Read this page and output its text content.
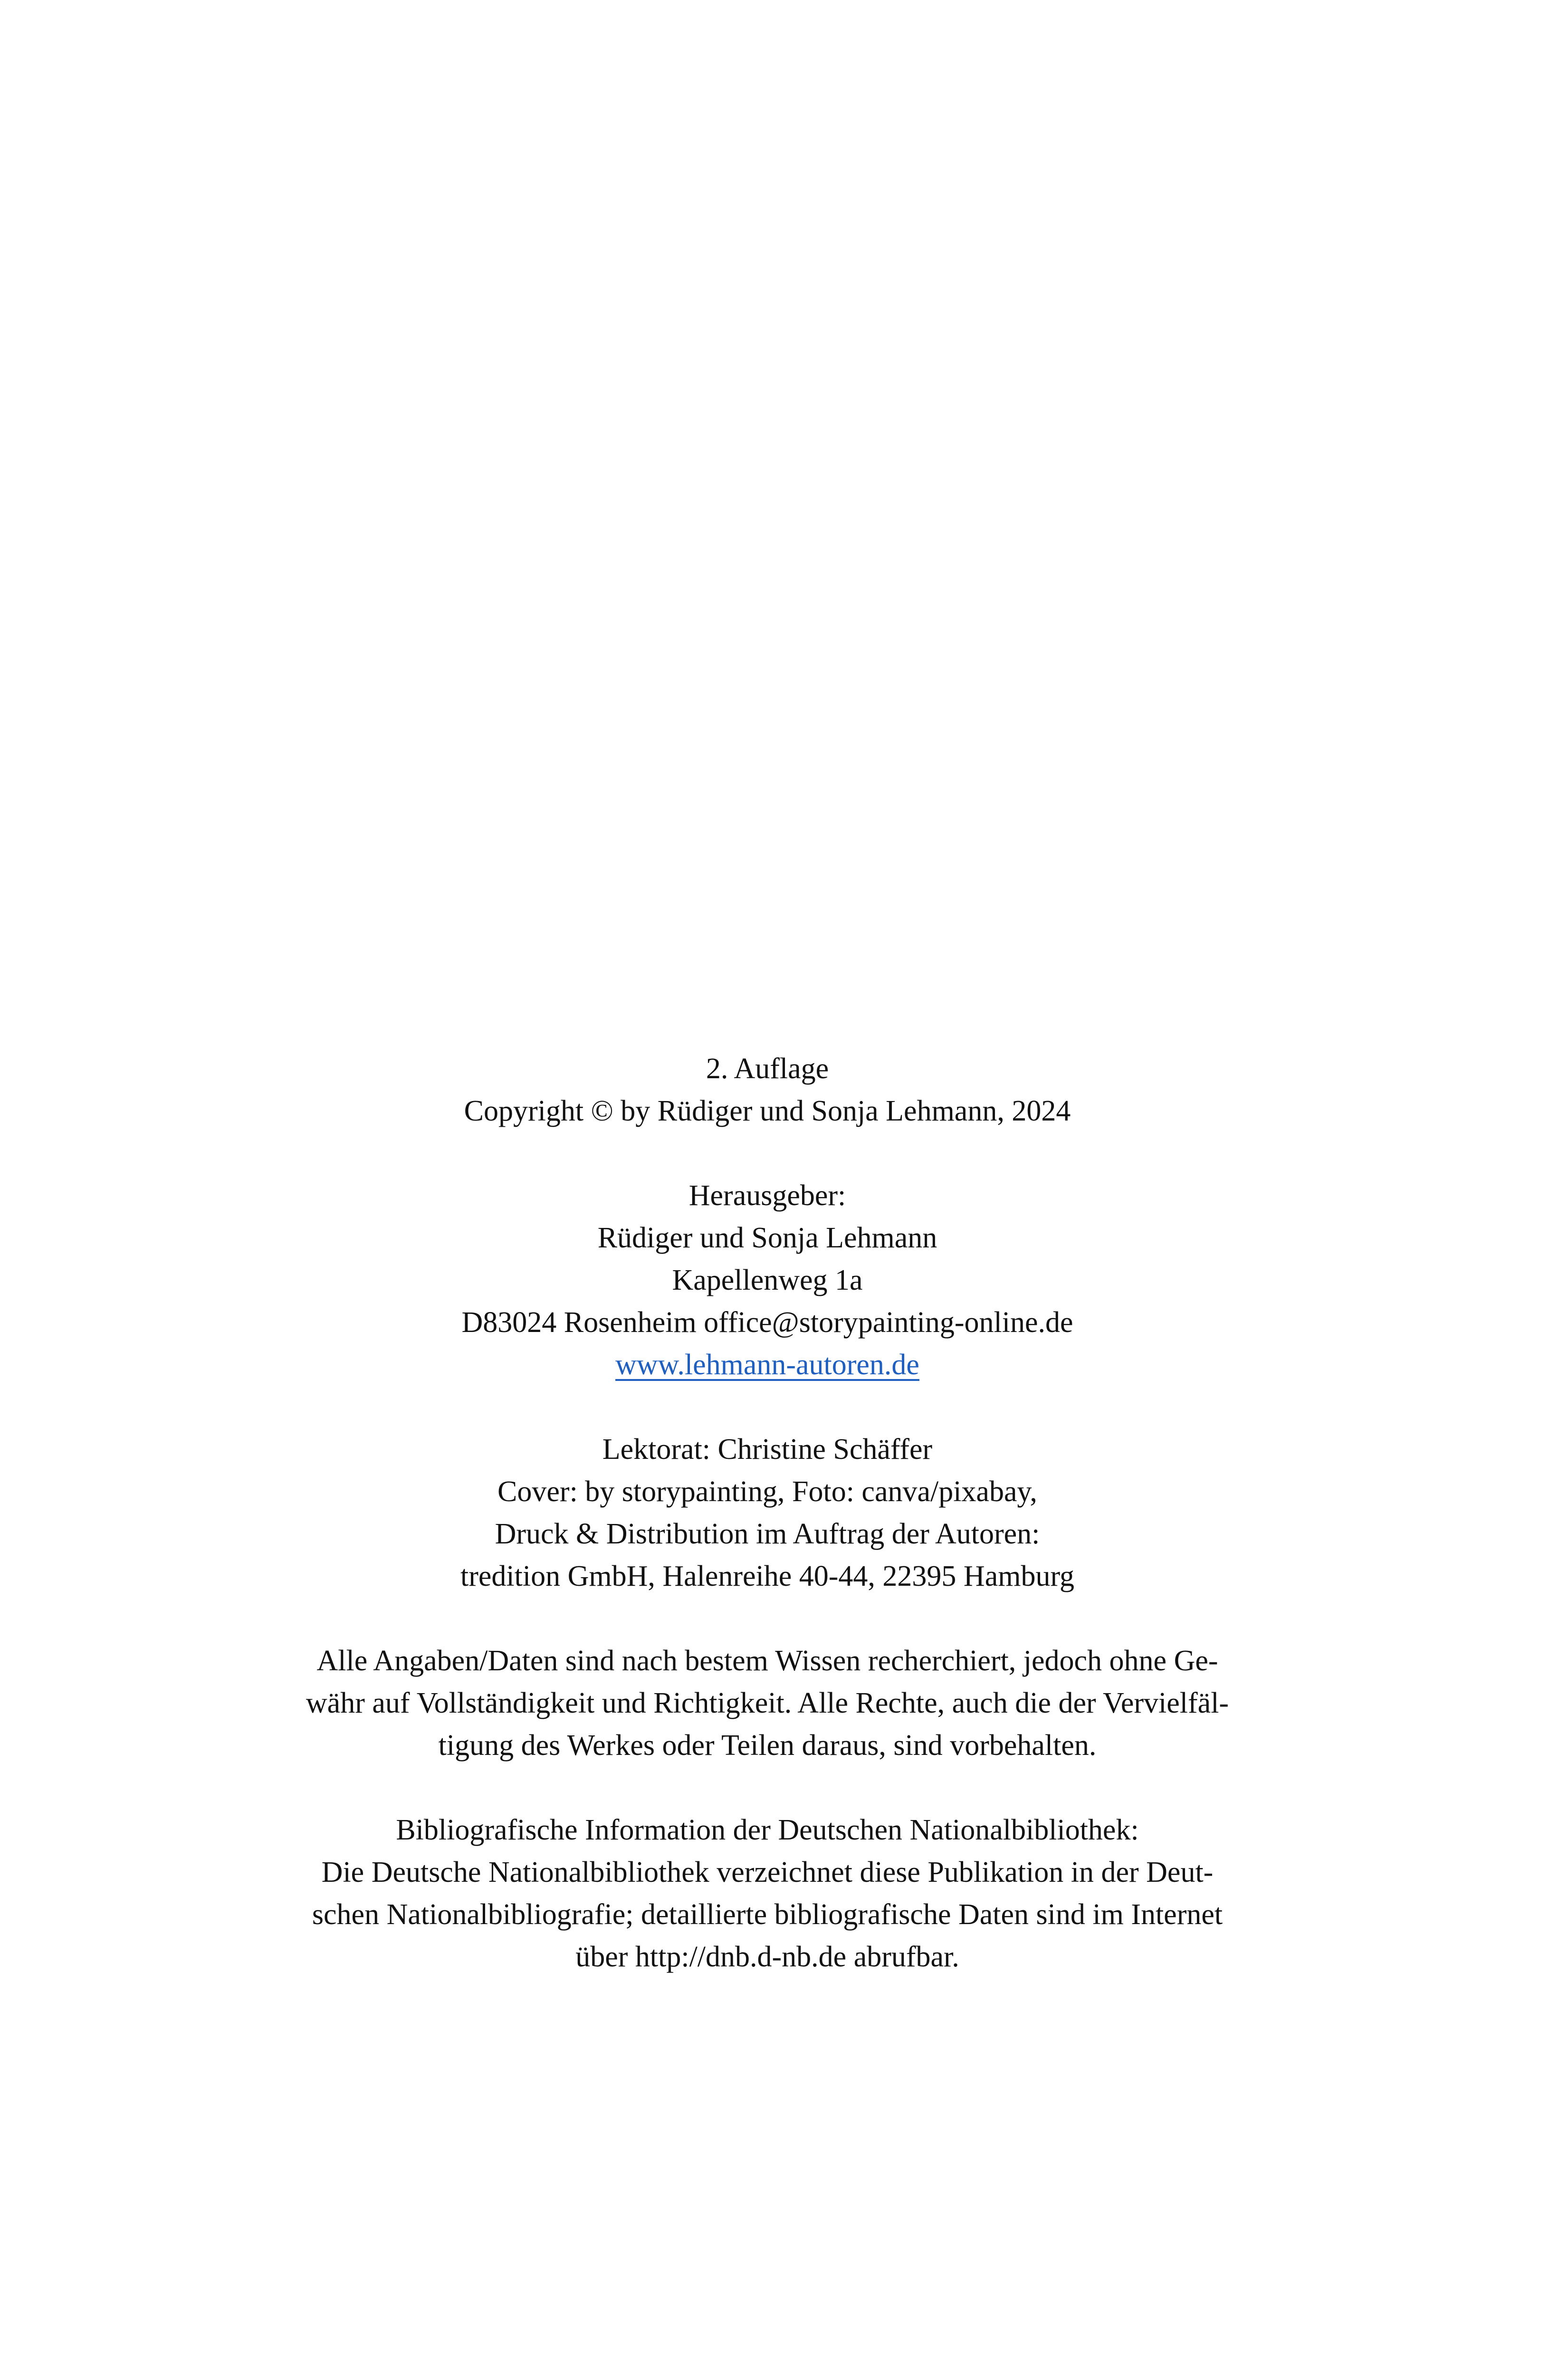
2. Auflage
Copyright © by Rüdiger und Sonja Lehmann, 2024
Herausgeber:
Rüdiger und Sonja Lehmann
Kapellenweg 1a
D83024 Rosenheim office@storypainting-online.de
www.lehmann-autoren.de
Lektorat: Christine Schäffer
Cover: by storypainting, Foto: canva/pixabay,
Druck & Distribution im Auftrag der Autoren:
tredition GmbH, Halenreihe 40-44, 22395 Hamburg
Alle Angaben/Daten sind nach bestem Wissen recherchiert, jedoch ohne Ge-
währ auf Vollständigkeit und Richtigkeit. Alle Rechte, auch die der Vervielfäl-
tigung des Werkes oder Teilen daraus, sind vorbehalten.
Bibliografische Information der Deutschen Nationalbibliothek:
Die Deutsche Nationalbibliothek verzeichnet diese Publikation in der Deut-
schen Nationalbibliografie; detaillierte bibliografische Daten sind im Internet
über http://dnb.d-nb.de abrufbar.
